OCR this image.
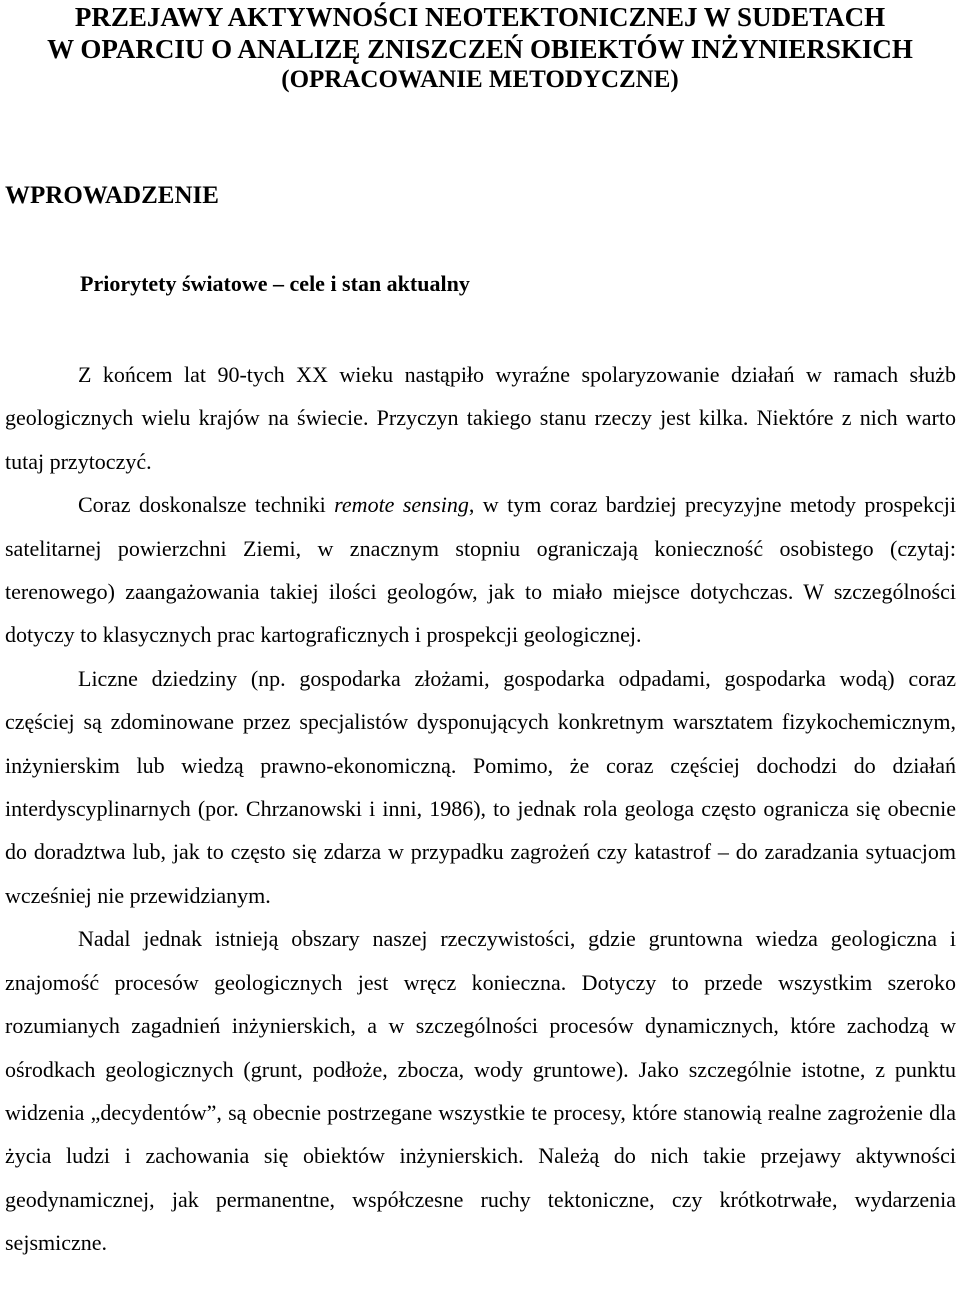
PRZEJAWY AKTYWNOŚCI NEOTEKTONICZNEJ W SUDETACH
W OPARCIU O ANALIZĘ ZNISZCZEŃ OBIEKTÓW INŻYNIERSKICH
(OPRACOWANIE METODYCZNE)
WPROWADZENIE
Priorytety światowe – cele i stan aktualny

Z końcem lat 90-tych XX wieku nastąpiło wyraźne spolaryzowanie działań w ramach służb geologicznych wielu krajów na świecie. Przyczyn takiego stanu rzeczy jest kilka. Niektóre z nich warto tutaj przytoczyć.

Coraz doskonalsze techniki remote sensing, w tym coraz bardziej precyzyjne metody prospekcji satelitarnej powierzchni Ziemi, w znacznym stopniu ograniczają konieczność osobistego (czytaj: terenowego) zaangażowania takiej ilości geologów, jak to miało miejsce dotychczas. W szczególności dotyczy to klasycznych prac kartograficznych i prospekcji geologicznej.

Liczne dziedziny (np. gospodarka złożami, gospodarka odpadami, gospodarka wodą) coraz częściej są zdominowane przez specjalistów dysponujących konkretnym warsztatem fizykochemicznym, inżynierskim lub wiedzą prawno-ekonomiczną. Pomimo, że coraz częściej dochodzi do działań interdyscyplinarnych (por. Chrzanowski i inni, 1986), to jednak rola geologa często ogranicza się obecnie do doradztwa lub, jak to często się zdarza w przypadku zagrożeń czy katastrof – do zaradzania sytuacjom wcześniej nie przewidzianym.

Nadal jednak istnieją obszary naszej rzeczywistości, gdzie gruntowna wiedza geologiczna i znajomość procesów geologicznych jest wręcz konieczna. Dotyczy to przede wszystkim szeroko rozumianych zagadnień inżynierskich, a w szczególności procesów dynamicznych, które zachodzą w ośrodkach geologicznych (grunt, podłoże, zbocza, wody gruntowe). Jako szczególnie istotne, z punktu widzenia „decydentów”, są obecnie postrzegane wszystkie te procesy, które stanowią realne zagrożenie dla życia ludzi i zachowania się obiektów inżynierskich. Należą do nich takie przejawy aktywności geodynamicznej, jak permanentne, współczesne ruchy tektoniczne, czy krótkotrwałe, wydarzenia sejsmiczne.
